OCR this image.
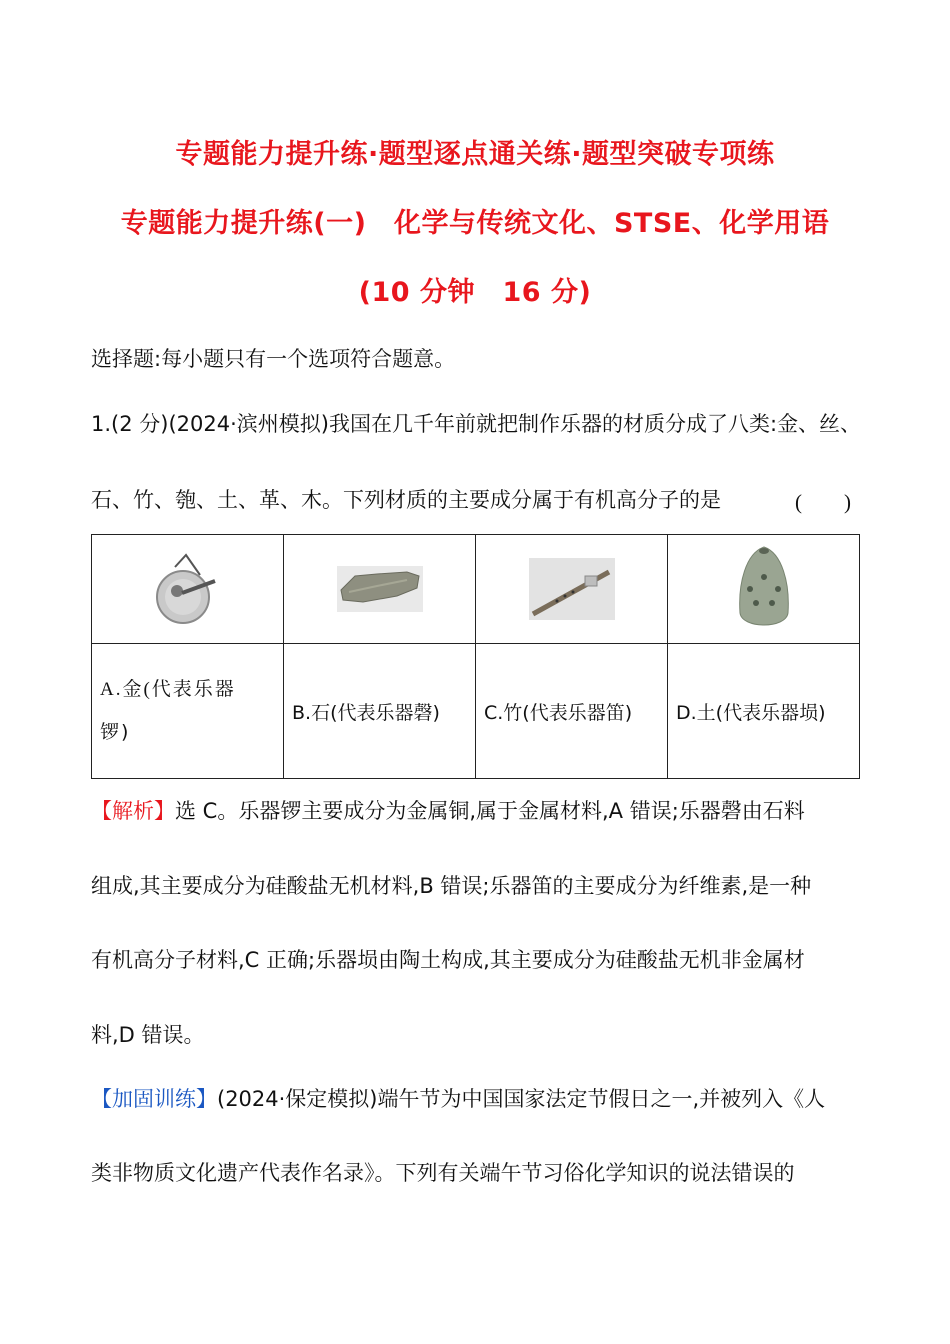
专题能力提升练·题型逐点通关练·题型突破专项练
专题能力提升练(一)　化学与传统文化、STSE、化学用语
(10 分钟　16 分)
选择题:每小题只有一个选项符合题意。
1.(2 分)(2024·滨州模拟)我国在几千年前就把制作乐器的材质分成了八类:金、丝、
石、竹、匏、土、革、木。下列材质的主要成分属于有机高分子的是	(　　)

A.金(代表乐器
锣)	B.石(代表乐器磬)	C.竹(代表乐器笛)	D.土(代表乐器埙)
【解析】选 C。乐器锣主要成分为金属铜,属于金属材料,A 错误;乐器磬由石料
组成,其主要成分为硅酸盐无机材料,B 错误;乐器笛的主要成分为纤维素,是一种
有机高分子材料,C 正确;乐器埙由陶土构成,其主要成分为硅酸盐无机非金属材
料,D 错误。
【加固训练】(2024·保定模拟)端午节为中国国家法定节假日之一,并被列入《人
类非物质文化遗产代表作名录》。下列有关端午节习俗化学知识的说法错误的
